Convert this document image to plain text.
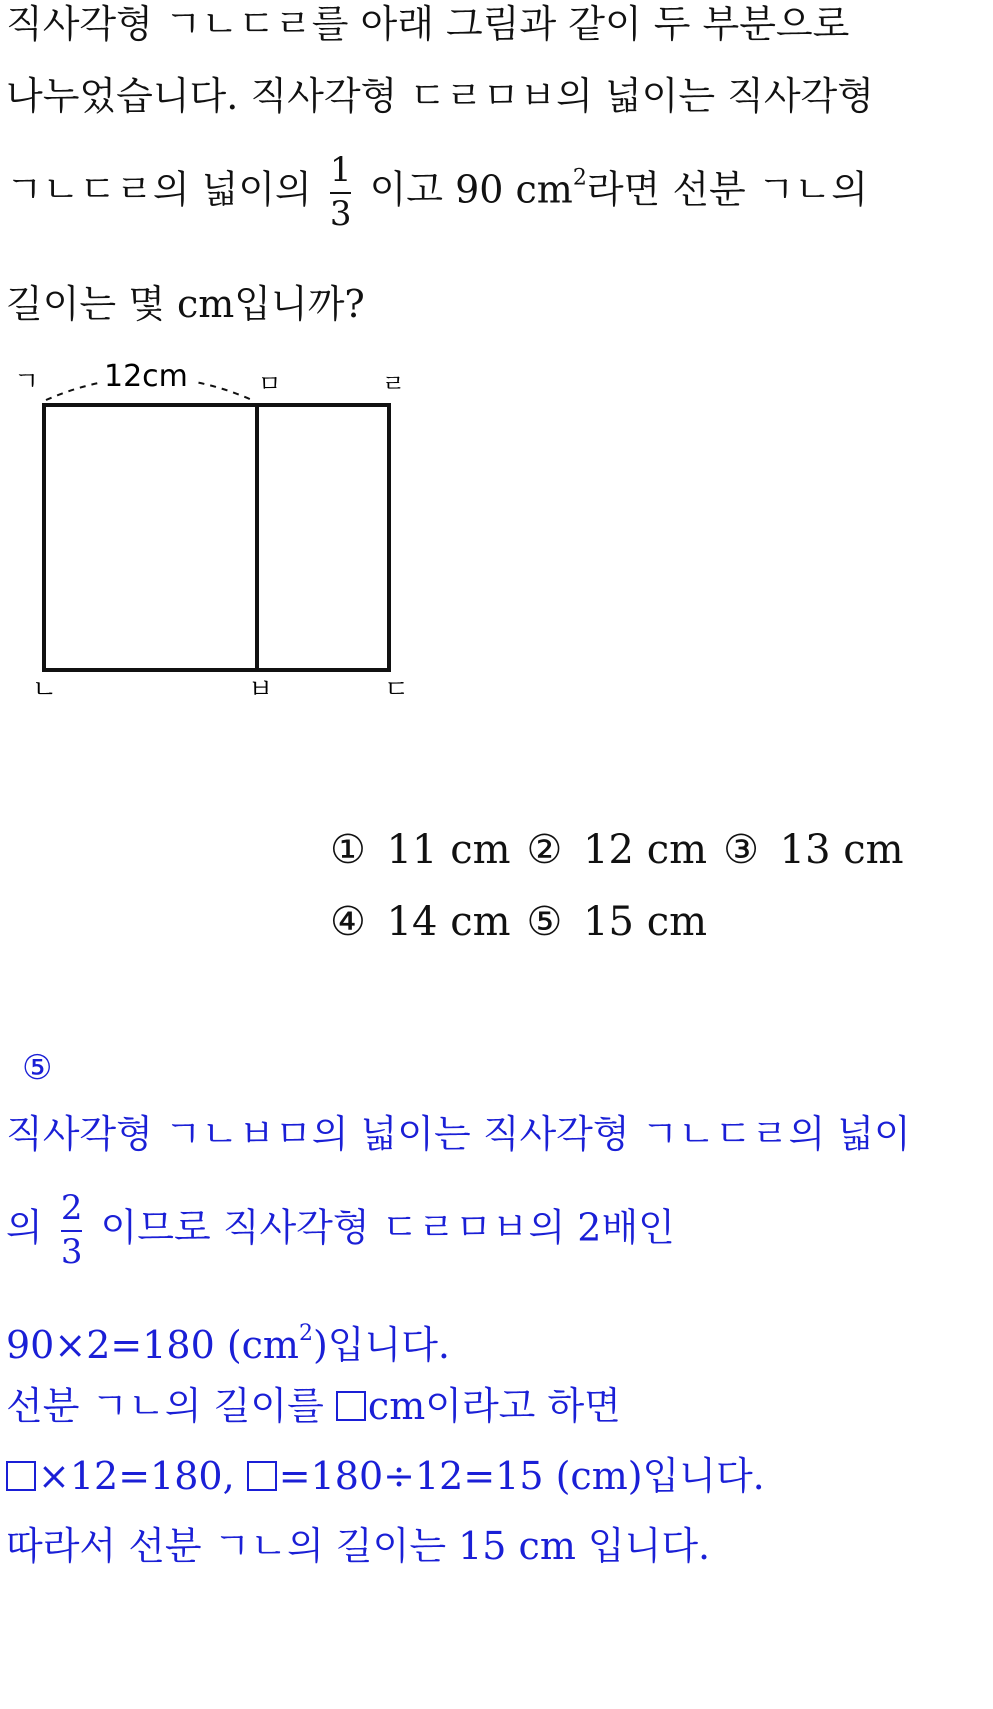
직사각형 ㄱㄴㄷㄹ를 아래 그림과 같이 두 부분으로
나누었습니다. 직사각형 ㄷㄹㅁㅂ의 넓이는 직사각형
ㄱㄴㄷㄹ의 넓이의 $\frac{1}{3}$ 이고 90 $cm^2$라면 선분 ㄱㄴ의
길이는 몇 cm입니까?
ㄱ	ㅁ	ㄹ
12cm
ㄴ	ㅂ	ㄷ
① 11 cm ② 12 cm ③ 13 cm
④ 14 cm ⑤ 15 cm
⑤
직사각형 ㄱㄴㅂㅁ의 넓이는 직사각형 ㄱㄴㄷㄹ의 넓이
의 $\frac{2}{3}$ 이므로 직사각형 ㄷㄹㅁㅂ의 2배인
90×2=180 $(cm^2)$입니다.
선분 ㄱㄴ의 길이를 cm이라고 하면
×12=180, =180÷12=15 (cm)입니다.
따라서 선분 ㄱㄴ의 길이는 15 cm 입니다.
